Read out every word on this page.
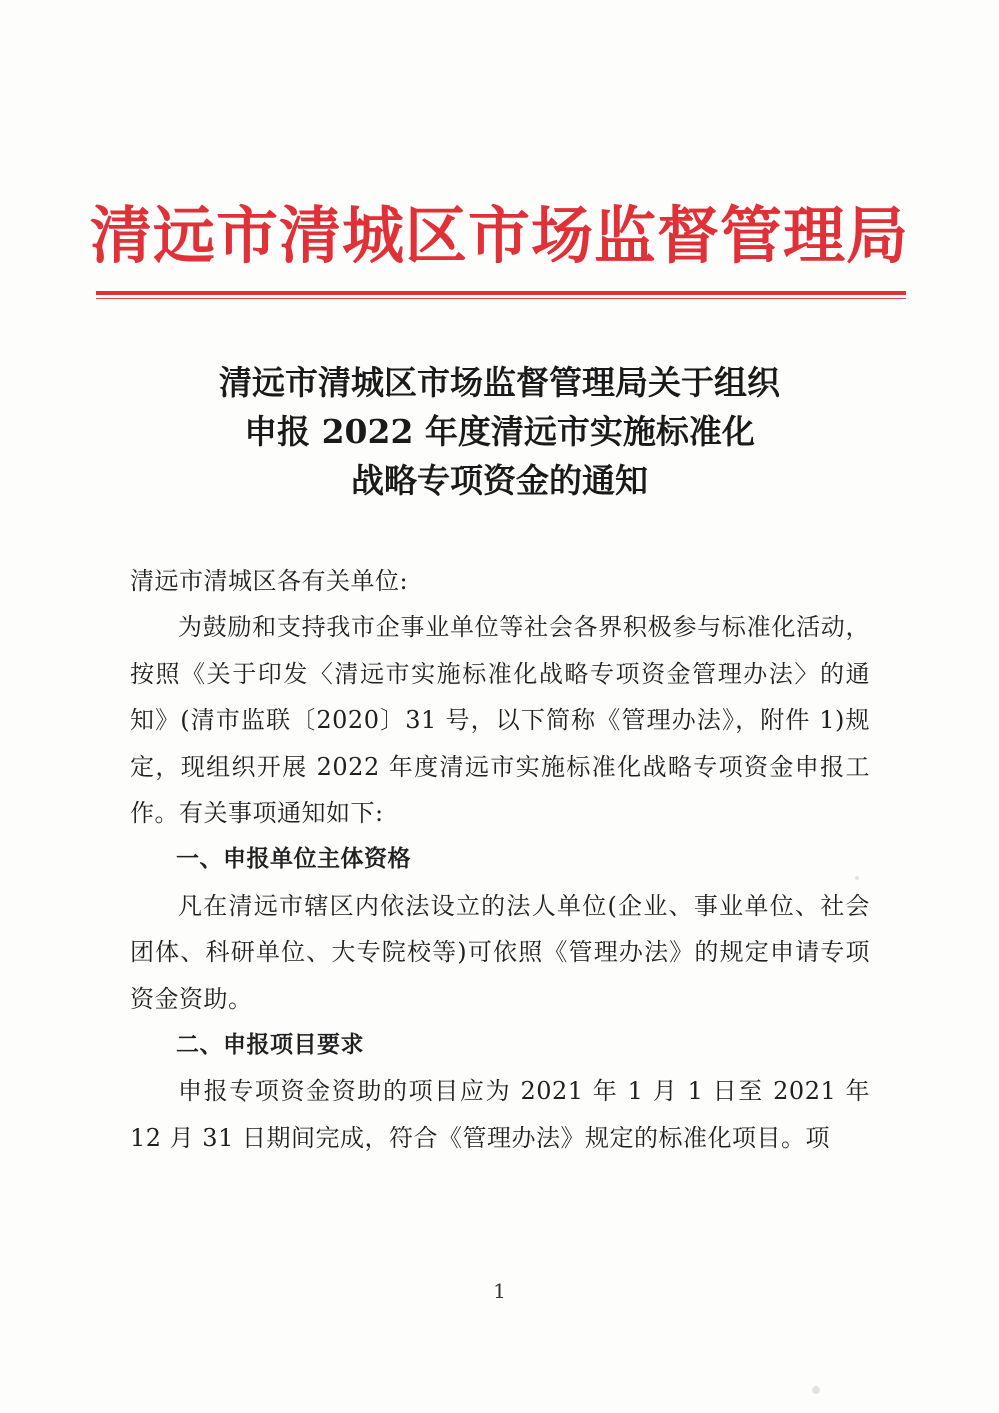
清远市清城区市场监督管理局
清远市清城区市场监督管理局关于组织
申报 2022 年度清远市实施标准化
战略专项资金的通知

清远市清城区各有关单位:

为鼓励和支持我市企事业单位等社会各界积极参与标准化活动，按照《关于印发〈清远市实施标准化战略专项资金管理办法〉的通知》(清市监联〔2020〕31 号，以下简称《管理办法》，附件 1)规定，现组织开展 2022 年度清远市实施标准化战略专项资金申报工作。有关事项通知如下:

一、申报单位主体资格

凡在清远市辖区内依法设立的法人单位(企业、事业单位、社会团体、科研单位、大专院校等)可依照《管理办法》的规定申请专项资金资助。

二、申报项目要求

申报专项资金资助的项目应为 2021 年 1 月 1 日至 2021 年 12 月 31 日期间完成，符合《管理办法》规定的标准化项目。项

1
